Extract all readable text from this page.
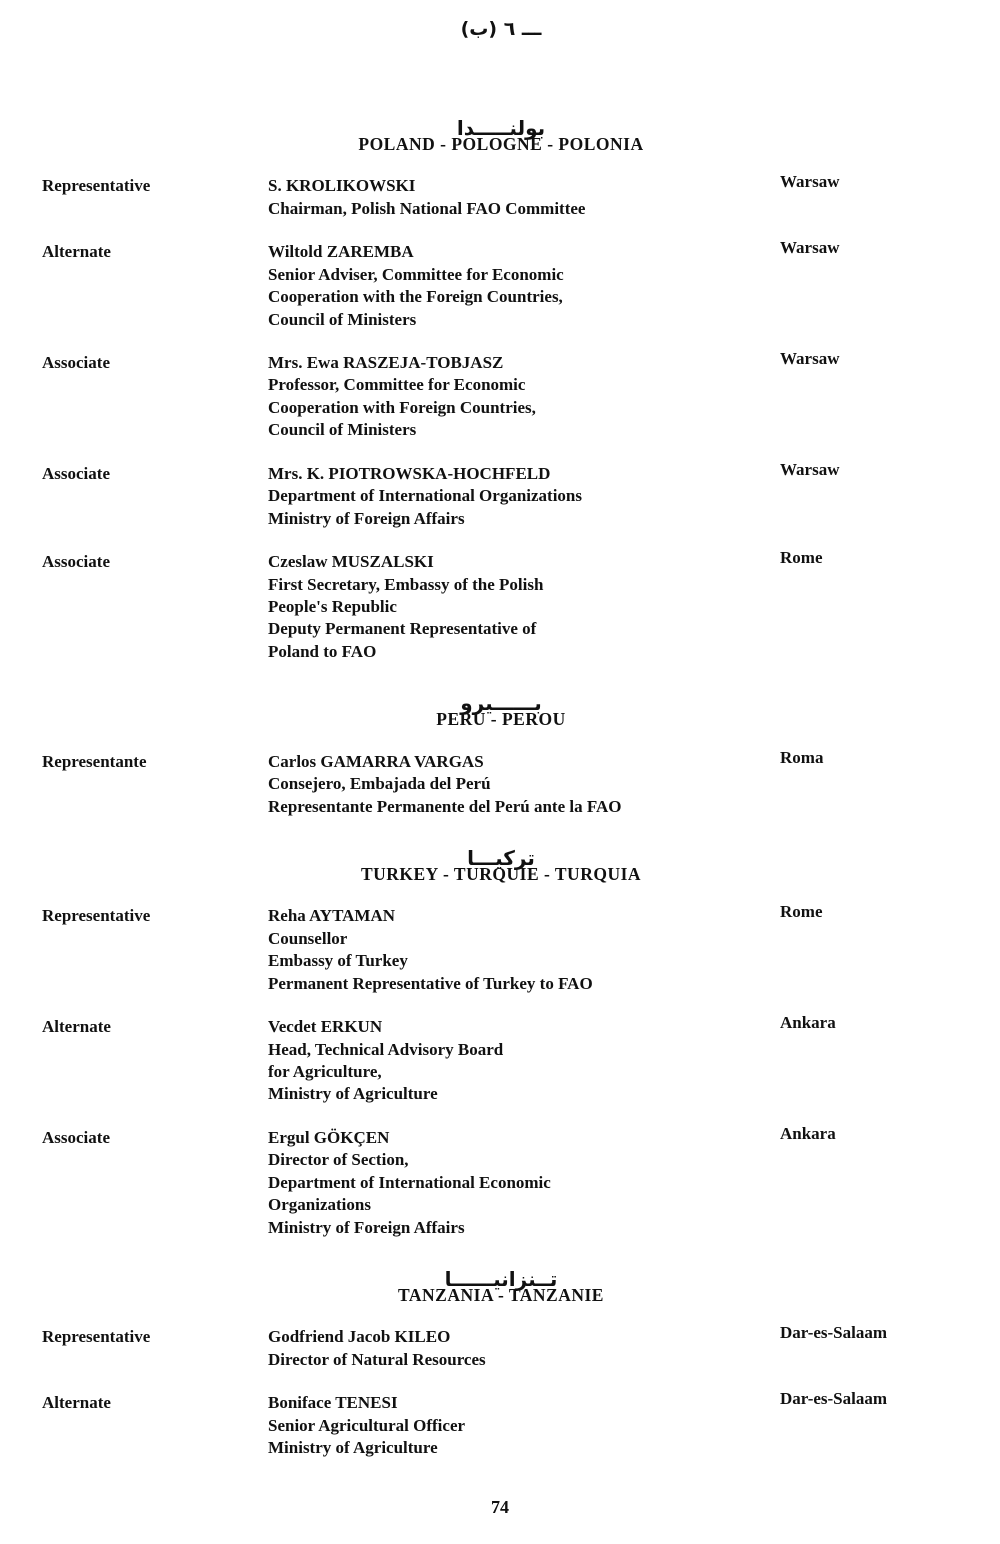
(ب) ـــ ٦
بولنـــــدا
POLAND - POLOGNE - POLONIA
Representative	S. KROLIKOWSKI
Chairman, Polish National FAO Committee
Warsaw
Alternate	Wiltold ZAREMBA
Senior Adviser, Committee for Economic
Cooperation with the Foreign Countries,
Council of Ministers
Warsaw
Associate	Mrs. Ewa RASZEJA-TOBJASZ
Professor, Committee for Economic
Cooperation with Foreign Countries,
Council of Ministers
Warsaw
Associate	Mrs. K. PIOTROWSKA-HOCHFELD
Department of International Organizations
Ministry of Foreign Affairs
Warsaw
Associate	Czeslaw MUSZALSKI
First Secretary, Embassy of the Polish
People's Republic
Deputy Permanent Representative of
Poland to FAO
Rome
بــــــيرو
PERU - PEROU
Representante	Carlos GAMARRA VARGAS
Consejero, Embajada del Perú
Representante Permanente del Perú ante la FAO
Roma
تركيـــا
TURKEY - TURQUIE - TURQUIA
Representative	Reha AYTAMAN
Counsellor
Embassy of Turkey
Permanent Representative of Turkey to FAO
Rome
Alternate	Vecdet ERKUN
Head, Technical Advisory Board
for Agriculture,
Ministry of Agriculture
Ankara
Associate	Ergul GÖKÇEN
Director of Section,
Department of International Economic
Organizations
Ministry of Foreign Affairs
Ankara
تــنزانيــــــا
TANZANIA - TANZANIE
Representative	Godfriend Jacob KILEO
Director of Natural Resources
Dar-es-Salaam
Alternate	Boniface TENESI
Senior Agricultural Officer
Ministry of Agriculture
Dar-es-Salaam
74
